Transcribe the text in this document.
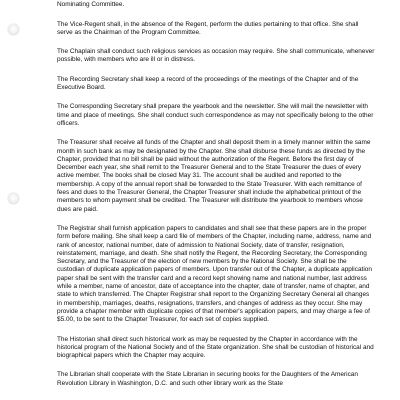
Nominating Committee.

The Vice-Regent shall, in the absence of the Regent, perform the duties pertaining to that office. She shall serve as the Chairman of the Program Committee.

The Chaplain shall conduct such religious services as occasion may require. She shall communicate, whenever possible, with members who are ill or in distress.

The Recording Secretary shall keep a record of the proceedings of the meetings of the Chapter and of the Executive Board.

The Corresponding Secretary shall prepare the yearbook and the newsletter. She will mail the newsletter with time and place of meetings. She shall conduct such correspondence as may not specifically belong to the other officers.

The Treasurer shall receive all funds of the Chapter and shall deposit them in a timely manner within the same month in such bank as may be designated by the Chapter. She shall disburse these funds as directed by the Chapter, provided that no bill shall be paid without the authorization of the Regent. Before the first day of December each year, she shall remit to the Treasurer General and to the State Treasurer the dues of every active member. The books shall be closed May 31. The account shall be audited and reported to the membership. A copy of the annual report shall be forwarded to the State Treasurer. With each remittance of fees and dues to the Treasurer General, the Chapter Treasurer shall include the alphabetical printout of the members to whom payment shall be credited. The Treasurer will distribute the yearbook to members whose dues are paid.

The Registrar shall furnish application papers to candidates and shall see that these papers are in the proper form before mailing. She shall keep a card file of members of the Chapter, including name, address, name and rank of ancestor, national number, date of admission to National Society, date of transfer, resignation, reinstatement, marriage, and death. She shall notify the Regent, the Recording Secretary, the Corresponding Secretary, and the Treasurer of the election of new members by the National Society. She shall be the custodian of duplicate application papers of members. Upon transfer out of the Chapter, a duplicate application paper shall be sent with the transfer card and a record kept showing name and national number, last address while a member, name of ancestor, date of acceptance into the chapter, date of transfer, name of chapter, and state to which transferred. The Chapter Registrar shall report to the Organizing Secretary General all changes in membership, marriages, deaths, resignations, transfers, and changes of address as they occur. She may provide a chapter member with duplicate copies of that member's application papers, and may charge a fee of $5.00, to be sent to the Chapter Treasurer, for each set of copies supplied.

The Historian shall direct such historical work as may be requested by the Chapter in accordance with the historical program of the National Society and of the State organization. She shall be custodian of historical and biographical papers which the Chapter may acquire.

The Librarian shall cooperate with the State Librarian in securing books for the Daughters of the American Revolution Library in Washington, D.C. and such other library work as the State
